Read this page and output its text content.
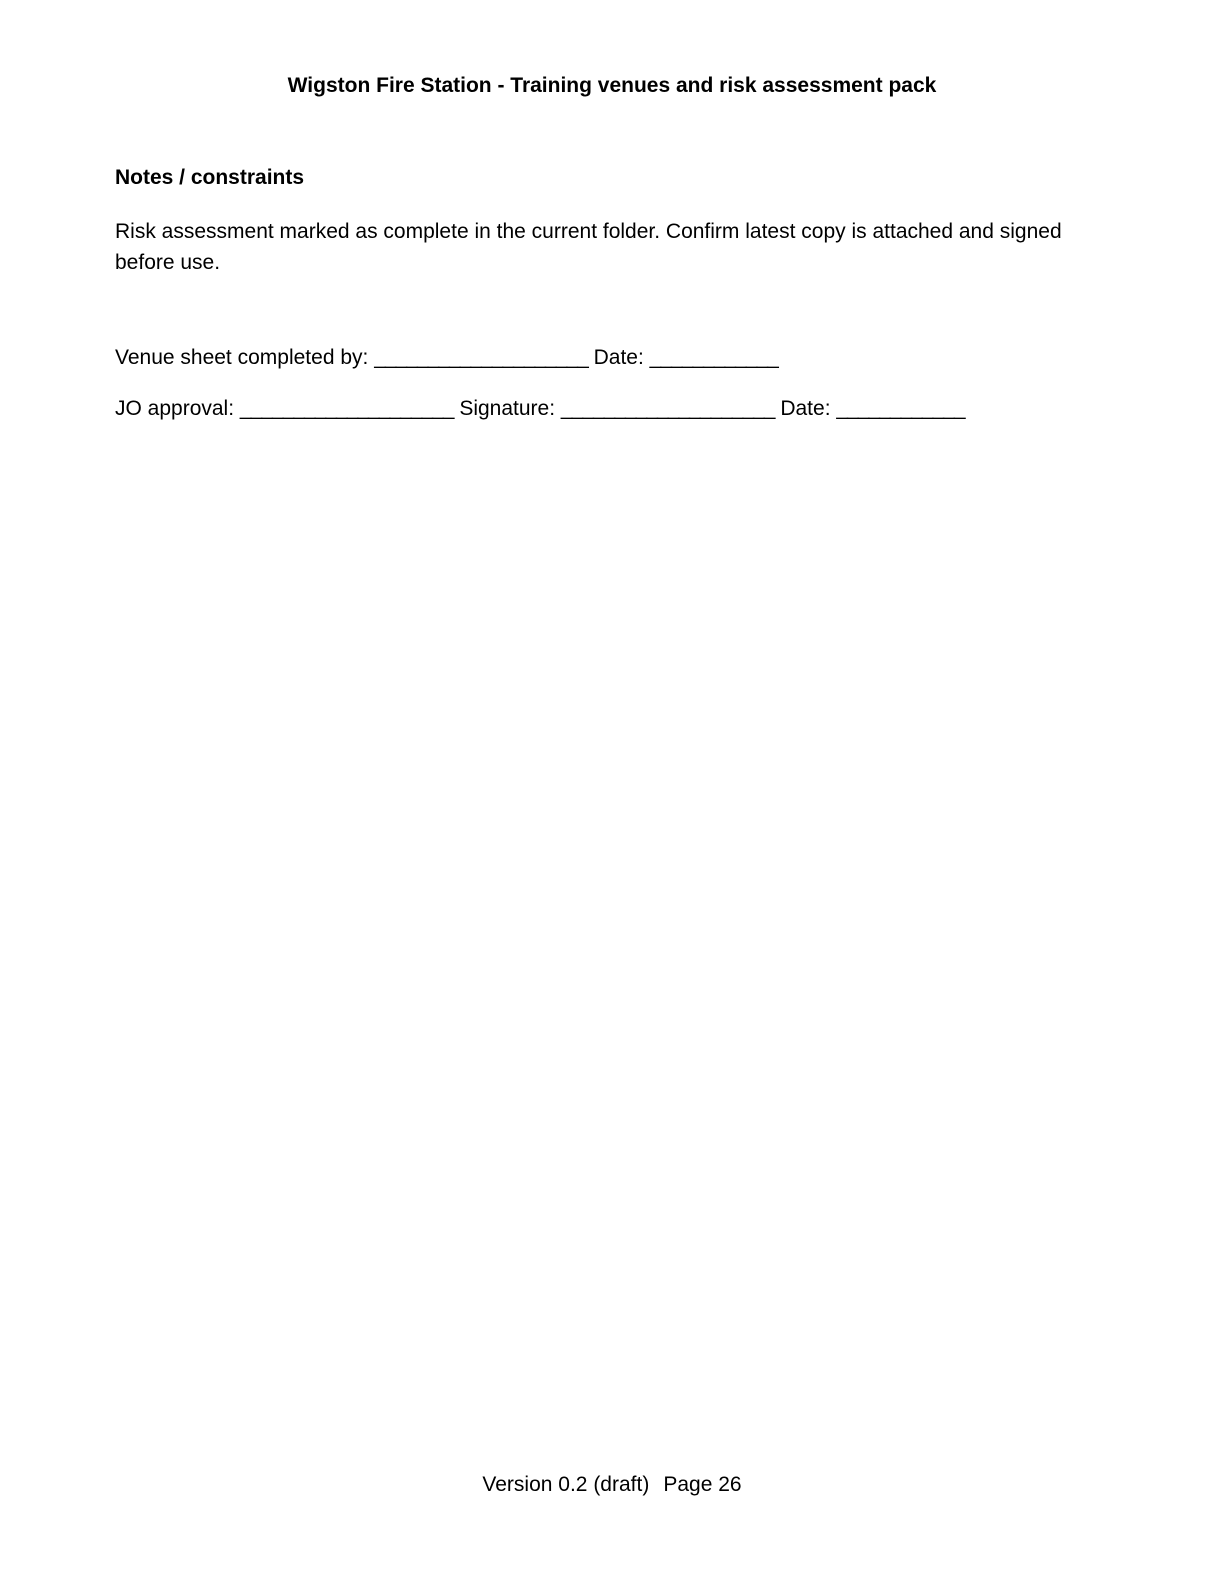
Wigston Fire Station - Training venues and risk assessment pack
Notes / constraints
Risk assessment marked as complete in the current folder. Confirm latest copy is attached and signed before use.
Venue sheet completed by: ____________________ Date: ____________
JO approval: ____________________ Signature: ____________________ Date: ____________
Version 0.2 (draft) Page 26
